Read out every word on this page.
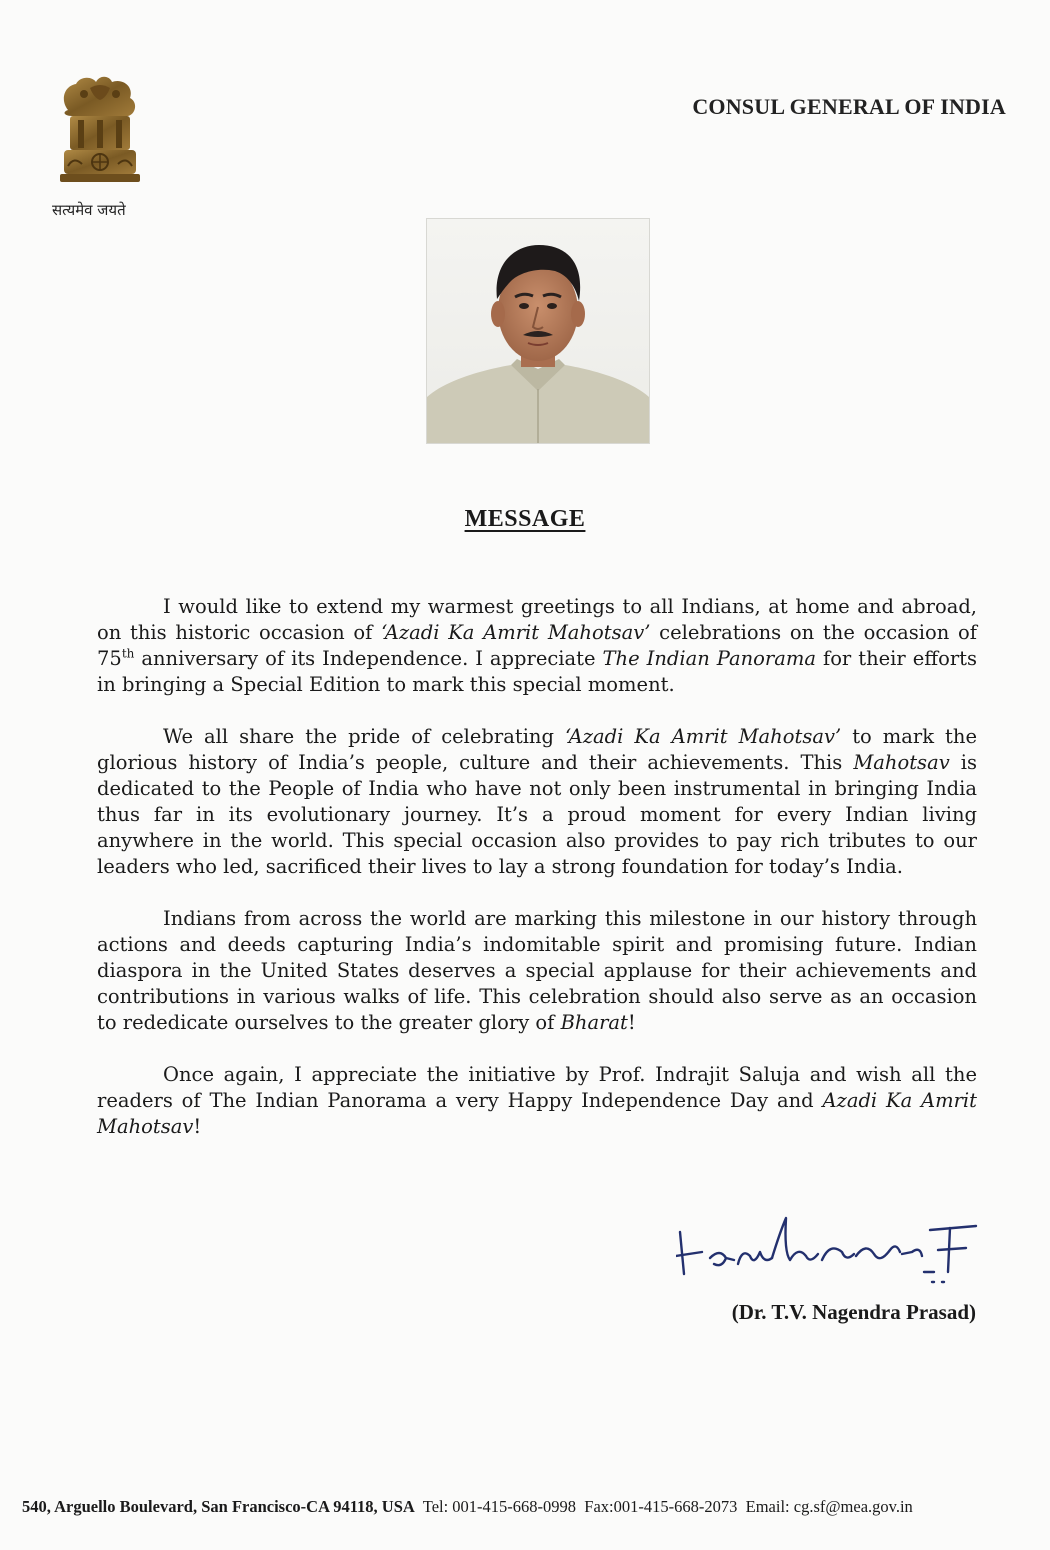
सत्यमेव जयते
CONSUL GENERAL OF INDIA
MESSAGE

I would like to extend my warmest greetings to all Indians, at home and abroad, on this historic occasion of ‘Azadi Ka Amrit Mahotsav’ celebrations on the occasion of 75th anniversary of its Independence. I appreciate The Indian Panorama for their efforts in bringing a Special Edition to mark this special moment.

We all share the pride of celebrating ‘Azadi Ka Amrit Mahotsav’ to mark the glorious history of India’s people, culture and their achievements. This Mahotsav is dedicated to the People of India who have not only been instrumental in bringing India thus far in its evolutionary journey. It’s a proud moment for every Indian living anywhere in the world. This special occasion also provides to pay rich tributes to our leaders who led, sacrificed their lives to lay a strong foundation for today’s India.

Indians from across the world are marking this milestone in our history through actions and deeds capturing India’s indomitable spirit and promising future. Indian diaspora in the United States deserves a special applause for their achievements and contributions in various walks of life. This celebration should also serve as an occasion to rededicate ourselves to the greater glory of Bharat!

Once again, I appreciate the initiative by Prof. Indrajit Saluja and wish all the readers of The Indian Panorama a very Happy Independence Day and Azadi Ka Amrit Mahotsav!

(Dr. T.V. Nagendra Prasad)
540, Arguello Boulevard, San Francisco-CA 94118, USA Tel: 001-415-668-0998 Fax:001-415-668-2073 Email: cg.sf@mea.gov.in
